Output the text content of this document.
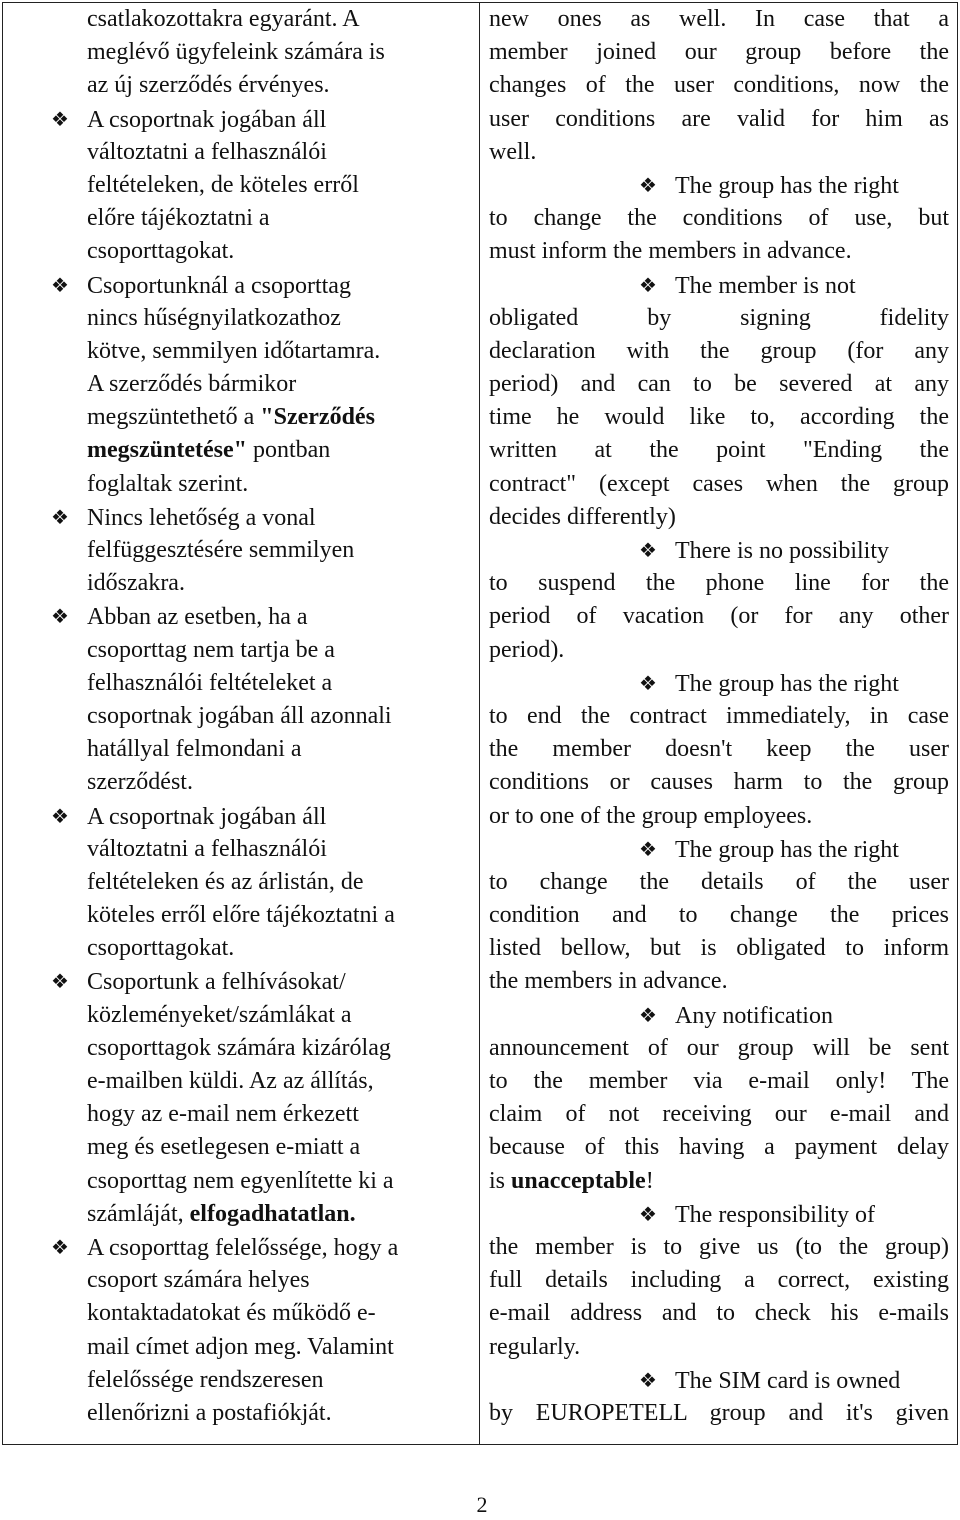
csatlakozottakra egyaránt. A
meglévő ügyfeleink számára is
az új szerződés érvényes.
❖ A csoportnak jogában áll
változtatni a felhasználói
feltételeken, de köteles erről
előre tájékoztatni a
csoporttagokat.
❖ Csoportunknál a csoporttag
nincs hűségnyilatkozathoz
kötve, semmilyen időtartamra.
A szerződés bármikor
megszüntethető a "Szerződés
megszüntetése" pontban
foglaltak szerint.
❖ Nincs lehetőség a vonal
felfüggesztésére semmilyen
időszakra.
❖ Abban az esetben, ha a
csoporttag nem tartja be a
felhasználói feltételeket a
csoportnak jogában áll azonnali
hatállyal felmondani a
szerződést.
❖ A csoportnak jogában áll
változtatni a felhasználói
feltételeken és az árlistán, de
köteles erről előre tájékoztatni a
csoporttagokat.
❖ Csoportunk a felhívásokat/
közleményeket/számlákat a
csoporttagok számára kizárólag
e-mailben küldi. Az az állítás,
hogy az e-mail nem érkezett
meg és esetlegesen e-miatt a
csoporttag nem egyenlítette ki a
számláját, elfogadhatatlan.
❖ A csoporttag felelőssége, hogy a
csoport számára helyes
kontaktadatokat és működő e-
mail címet adjon meg. Valamint
felelőssége rendszeresen
ellenőrizni a postafiókját.
new ones as well. In case that a
member joined our group before the
changes of the user conditions, now the
user conditions are valid for him as
well.
❖ The group has the right
to change the conditions of use, but
must inform the members in advance.
❖ The member is not
obligated by signing fidelity
declaration with the group (for any
period) and can to be severed at any
time he would like to, according the
written at the point "Ending the
contract" (except cases when the group
decides differently)
❖ There is no possibility
to suspend the phone line for the
period of vacation (or for any other
period).
❖ The group has the right
to end the contract immediately, in case
the member doesn't keep the user
conditions or causes harm to the group
or to one of the group employees.
❖ The group has the right
to change the details of the user
condition and to change the prices
listed bellow, but is obligated to inform
the members in advance.
❖ Any notification
announcement of our group will be sent
to the member via e-mail only! The
claim of not receiving our e-mail and
because of this having a payment delay
is unacceptable!
❖ The responsibility of
the member is to give us (to the group)
full details including a correct, existing
e-mail address and to check his e-mails
regularly.
❖ The SIM card is owned
by EUROPETELL group and it's given
2
